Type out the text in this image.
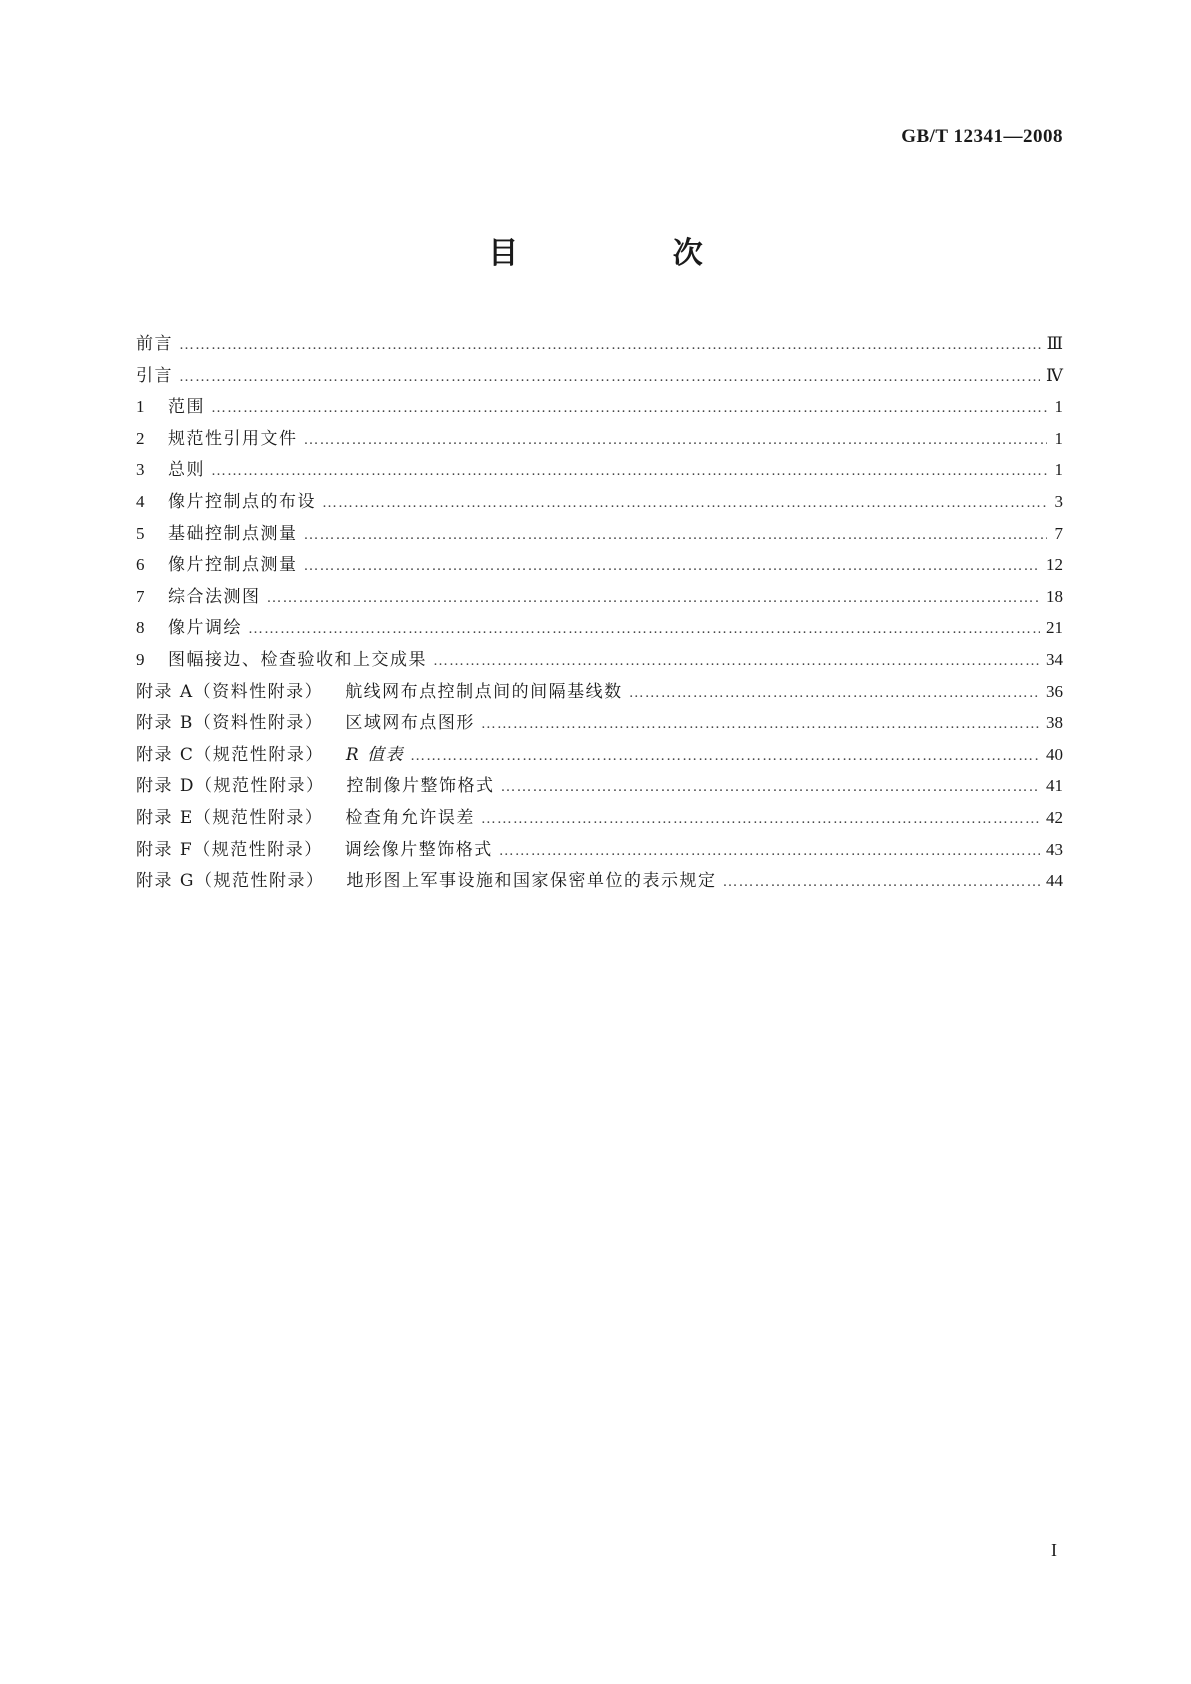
GB/T 12341—2008
目 次
前言 ……………………………………………………………………………………………………………………………………………………………………………………………………………………	Ⅲ
引言 ……………………………………………………………………………………………………………………………………………………………………………………………………………………	Ⅳ
1	范围 ……………………………………………………………………………………………………………………………………………………………………………………………………………………	1
2	规范性引用文件 ……………………………………………………………………………………………………………………………………………………………………………………………………………………	1
3	总则 ……………………………………………………………………………………………………………………………………………………………………………………………………………………	1
4	像片控制点的布设 ……………………………………………………………………………………………………………………………………………………………………………………………………………………	3
5	基础控制点测量 ……………………………………………………………………………………………………………………………………………………………………………………………………………………	7
6	像片控制点测量 ……………………………………………………………………………………………………………………………………………………………………………………………………………………	12
7	综合法测图 ……………………………………………………………………………………………………………………………………………………………………………………………………………………	18
8	像片调绘 ……………………………………………………………………………………………………………………………………………………………………………………………………………………	21
9	图幅接边、检查验收和上交成果 ……………………………………………………………………………………………………………………………………………………………………………………………………………………	34
附录 A（资料性附录） 航线网布点控制点间的间隔基线数 ……………………………………………………………………………………………………………………………………………………………………………………………………………………	36
附录 B（资料性附录） 区域网布点图形 ……………………………………………………………………………………………………………………………………………………………………………………………………………………	38
附录 C（规范性附录） R 值表 ……………………………………………………………………………………………………………………………………………………………………………………………………………………	40
附录 D（规范性附录） 控制像片整饰格式 ……………………………………………………………………………………………………………………………………………………………………………………………………………………	41
附录 E（规范性附录） 检查角允许误差 ……………………………………………………………………………………………………………………………………………………………………………………………………………………	42
附录 F（规范性附录） 调绘像片整饰格式 ……………………………………………………………………………………………………………………………………………………………………………………………………………………	43
附录 G（规范性附录） 地形图上军事设施和国家保密单位的表示规定 ……………………………………………………………………………………………………………………………………………………………………………………………………………………	44
I
